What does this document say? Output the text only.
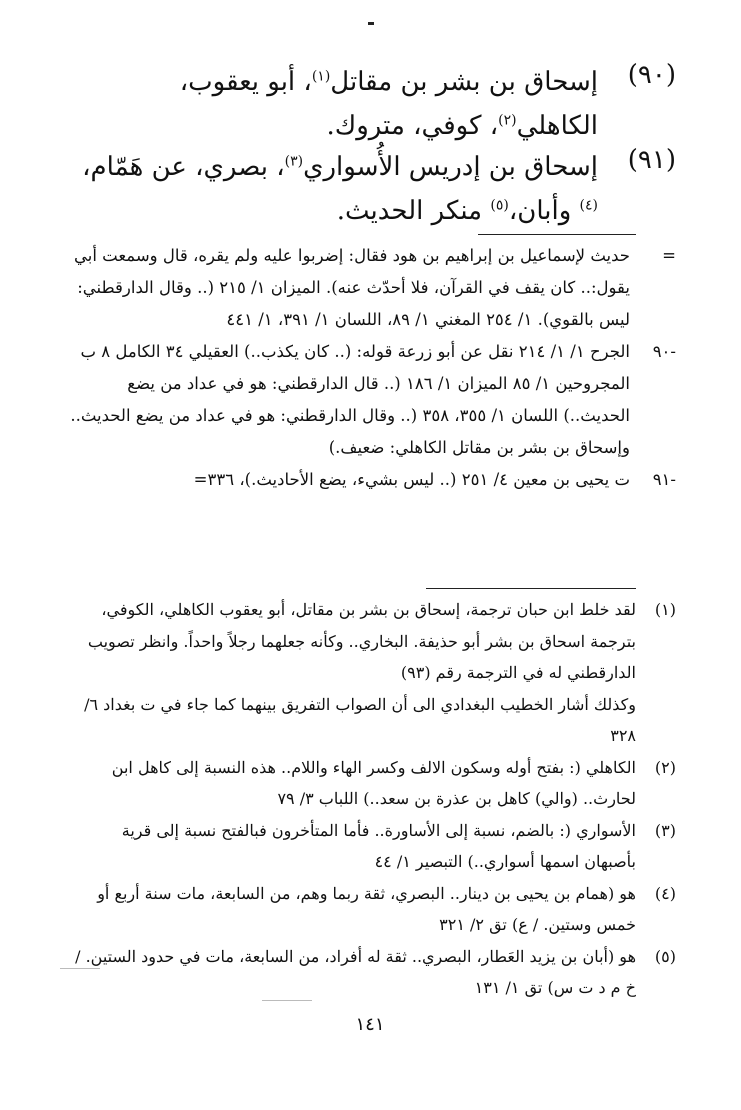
(٩٠)
إسحاق بن بشر بن مقاتل$^{(١)}$، أبو يعقوب، الكاهلي$^{(٢)}$، كوفي، متروك.
(٩١)
إسحاق بن إدريس الأُسواري$^{(٣)}$، بصري، عن هَمّام،$^{(٤)}$ وأبان،$^{(٥)}$ منكر الحديث.
=
حديث لإسماعيل بن إبراهيم بن هود فقال: إضربوا عليه ولم يقره، قال وسمعت أبي يقول:.. كان يقف في القرآن، فلا أحدّث عنه). الميزان ١/ ٢١٥ (.. وقال الدارقطني: ليس بالقوي). ١/ ٢٥٤ المغني ١/ ٨٩، اللسان ١/ ٣٩١، ١/ ٤٤١
-٩٠
الجرح ١/ ١/ ٢١٤ نقل عن أبو زرعة قوله: (.. كان يكذب..) العقيلي ٣٤ الكامل ٨ ب المجروحين ١/ ٨٥ الميزان ١/ ١٨٦ (.. قال الدارقطني: هو في عداد من يضع الحديث..) اللسان ١/ ٣٥٥، ٣٥٨ (.. وقال الدارقطني: هو في عداد من يضع الحديث.. وإسحاق بن بشر بن مقاتل الكاهلي: ضعيف.)
-٩١
ت يحيى بن معين ٤/ ٢٥١ (.. ليس بشيء، يضع الأحاديث.)، ٣٣٦=
(١)
لقد خلط ابن حبان ترجمة، إسحاق بن بشر بن مقاتل، أبو يعقوب الكاهلي، الكوفي، بترجمة اسحاق بن بشر أبو حذيفة. البخاري.. وكأنه جعلهما رجلاً واحداً. وانظر تصويب الدارقطني له في الترجمة رقم (٩٣)
وكذلك أشار الخطيب البغدادي الى أن الصواب التفريق بينهما كما جاء في ت بغداد ٦/ ٣٢٨
(٢)
الكاهلي (: بفتح أوله وسكون الالف وكسر الهاء واللام.. هذه النسبة إلى كاهل ابن لحارث.. (والي) كاهل بن عذرة بن سعد..) اللباب ٣/ ٧٩
(٣)
الأسواري (: بالضم، نسبة إلى الأساورة.. فأما المتأخرون فبالفتح نسبة إلى قرية بأصبهان اسمها أسواري..) التبصير ١/ ٤٤
(٤)
هو (همام بن يحيى بن دينار.. البصري، ثقة ربما وهم، من السابعة، مات سنة أربع أو خمس وستين. / ع) تق ٢/ ٣٢١
(٥)
هو (أبان بن يزيد العَطار، البصري.. ثقة له أفراد، من السابعة، مات في حدود الستين. / خ م د ت س) تق ١/ ١٣١
١٤١
